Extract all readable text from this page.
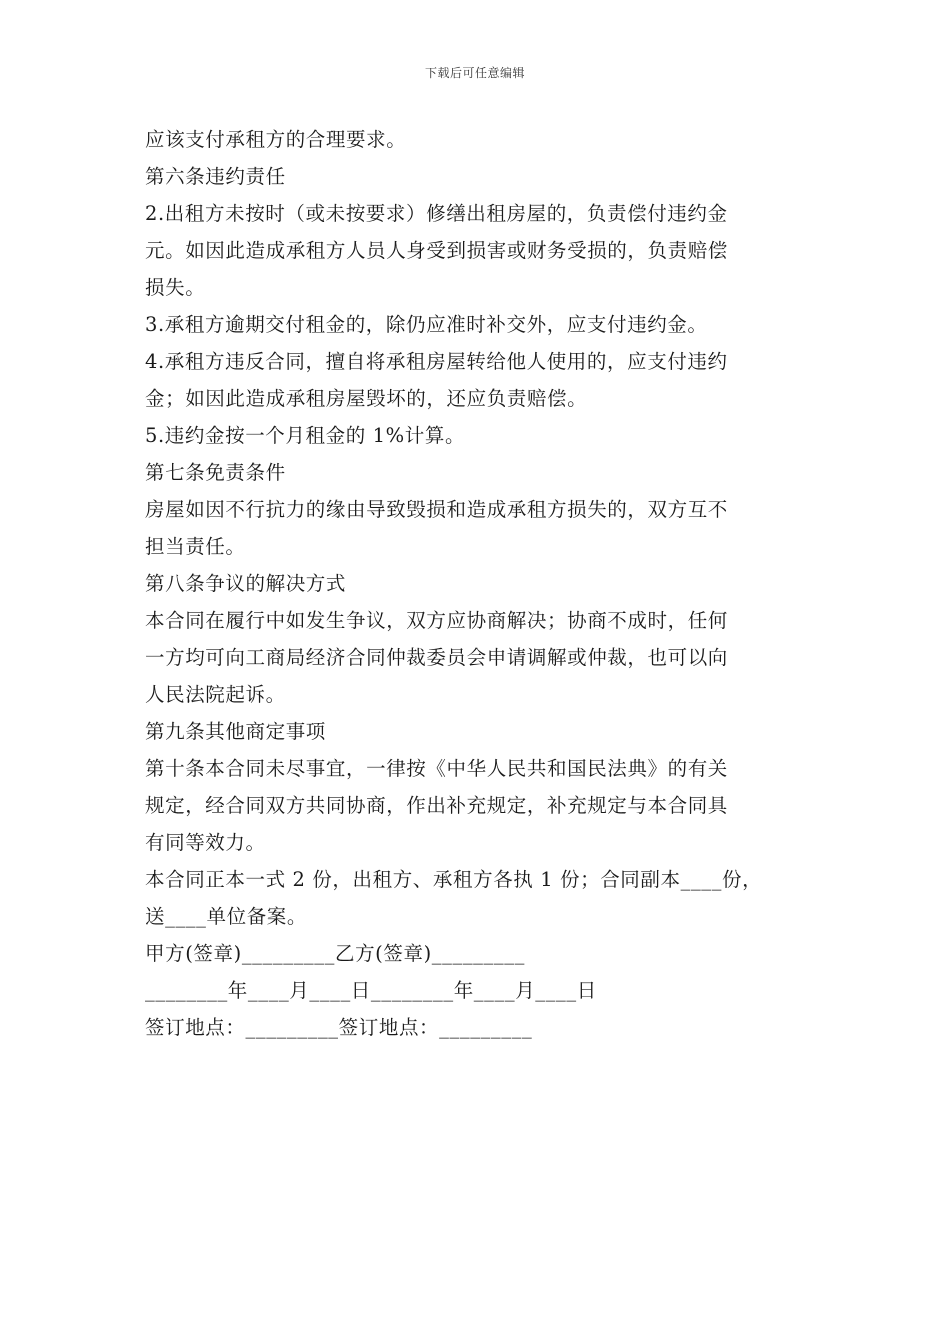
下载后可任意编辑
应该支付承租方的合理要求。
第六条违约责任
2.出租方未按时（或未按要求）修缮出租房屋的，负责偿付违约金
元。如因此造成承租方人员人身受到损害或财务受损的，负责赔偿
损失。
3.承租方逾期交付租金的，除仍应准时补交外，应支付违约金。
4.承租方违反合同，擅自将承租房屋转给他人使用的，应支付违约
金；如因此造成承租房屋毁坏的，还应负责赔偿。
5.违约金按一个月租金的 1%计算。
第七条免责条件
房屋如因不行抗力的缘由导致毁损和造成承租方损失的，双方互不
担当责任。
第八条争议的解决方式
本合同在履行中如发生争议，双方应协商解决；协商不成时，任何
一方均可向工商局经济合同仲裁委员会申请调解或仲裁，也可以向
人民法院起诉。
第九条其他商定事项
第十条本合同未尽事宜，一律按《中华人民共和国民法典》的有关
规定，经合同双方共同协商，作出补充规定，补充规定与本合同具
有同等效力。
本合同正本一式 2 份，出租方、承租方各执 1 份；合同副本____份，
送____单位备案。
甲方(签章)_________乙方(签章)_________
________年____月____日________年____月____日
签订地点：_________签订地点：_________
